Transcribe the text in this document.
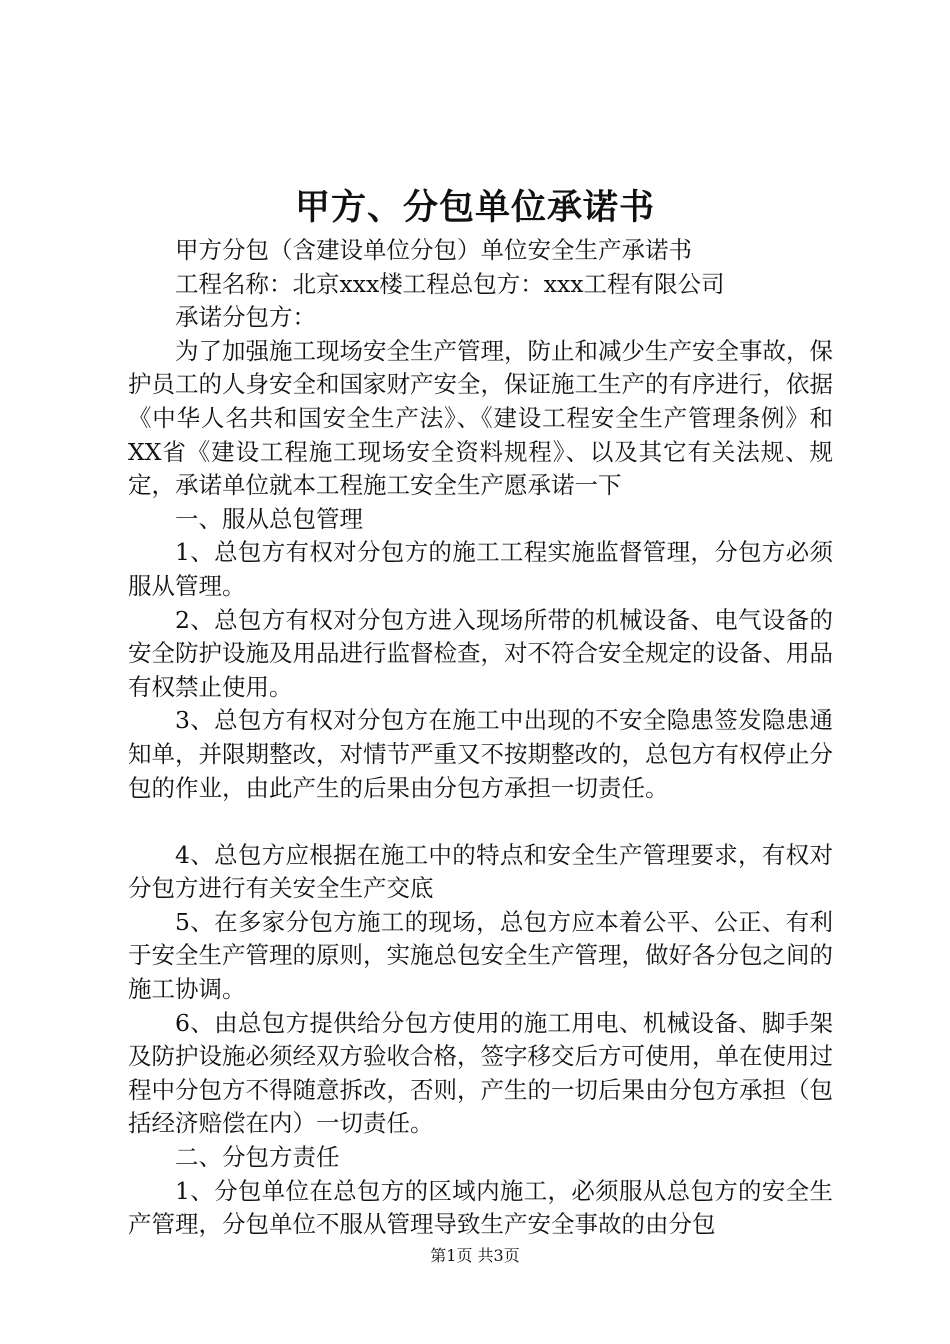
甲方、分包单位承诺书

甲方分包（含建设单位分包）单位安全生产承诺书

工程名称：北京xxx楼工程总包方：xxx工程有限公司

承诺分包方：

为了加强施工现场安全生产管理，防止和减少生产安全事故，保护员工的人身安全和国家财产安全，保证施工生产的有序进行，依据《中华人名共和国安全生产法》、《建设工程安全生产管理条例》和XX省《建设工程施工现场安全资料规程》、以及其它有关法规、规定，承诺单位就本工程施工安全生产愿承诺一下

一、服从总包管理

1、总包方有权对分包方的施工工程实施监督管理，分包方必须服从管理。

2、总包方有权对分包方进入现场所带的机械设备、电气设备的安全防护设施及用品进行监督检查，对不符合安全规定的设备、用品有权禁止使用。

3、总包方有权对分包方在施工中出现的不安全隐患签发隐患通知单，并限期整改，对情节严重又不按期整改的，总包方有权停止分包的作业，由此产生的后果由分包方承担一切责任。

4、总包方应根据在施工中的特点和安全生产管理要求，有权对分包方进行有关安全生产交底

5、在多家分包方施工的现场，总包方应本着公平、公正、有利于安全生产管理的原则，实施总包安全生产管理，做好各分包之间的施工协调。

6、由总包方提供给分包方使用的施工用电、机械设备、脚手架及防护设施必须经双方验收合格，签字移交后方可使用，单在使用过程中分包方不得随意拆改，否则，产生的一切后果由分包方承担（包括经济赔偿在内）一切责任。

二、分包方责任

1、分包单位在总包方的区域内施工，必须服从总包方的安全生产管理，分包单位不服从管理导致生产安全事故的由分包

第1页 共3页
